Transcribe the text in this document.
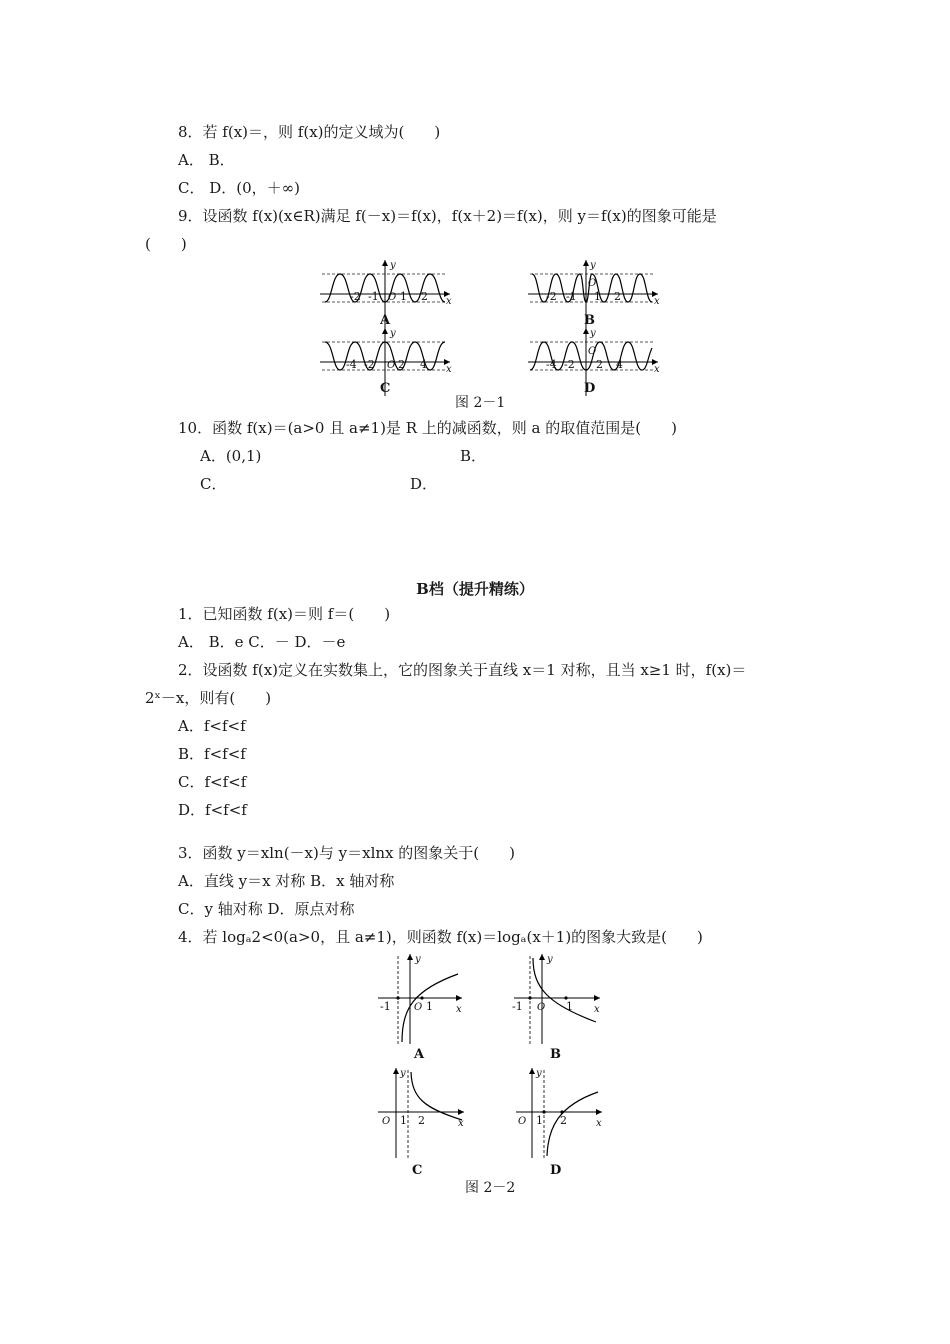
8．若 f(x)＝，则 f(x)的定义域为(　　)
A． B．
C． D．(0，＋∞)
9．设函数 f(x)(x∈R)满足 f(－x)＝f(x)，f(x＋2)＝f(x)，则 y＝f(x)的图象可能是
(　　)
-2 -1 O 1 2 x
y
A
-2 -1
O
1 2	x
y
B
-4 -2 O 2 4 x
y
C
-4 -2
O
2 4	x
y
D
图 2－1
10．函数 f(x)＝(a>0 且 a≠1)是 R 上的减函数，则 a 的取值范围是(　　)
A．(0,1)	B．
C．	D．
B档（提升精练）
1．已知函数 f(x)＝则 f＝(　　)
A． B．e C．－ D．－e
2．设函数 f(x)定义在实数集上，它的图象关于直线 x＝1 对称，且当 x≥1 时，f(x)＝
2ˣ－x，则有(　　)
A．f<f<f
B．f<f<f
C．f<f<f
D．f<f<f
3．函数 y＝xln(－x)与 y＝xlnx 的图象关于(　　)
A．直线 y＝x 对称 B．x 轴对称
C．y 轴对称 D．原点对称
4．若 logₐ2<0(a>0，且 a≠1)，则函数 f(x)＝logₐ(x＋1)的图象大致是(　　)
-1 O 1 x
y
A
-1 O 1 x
y
B
O 1 2	x
y
C
O 1 2	x
y
D
图 2－2
